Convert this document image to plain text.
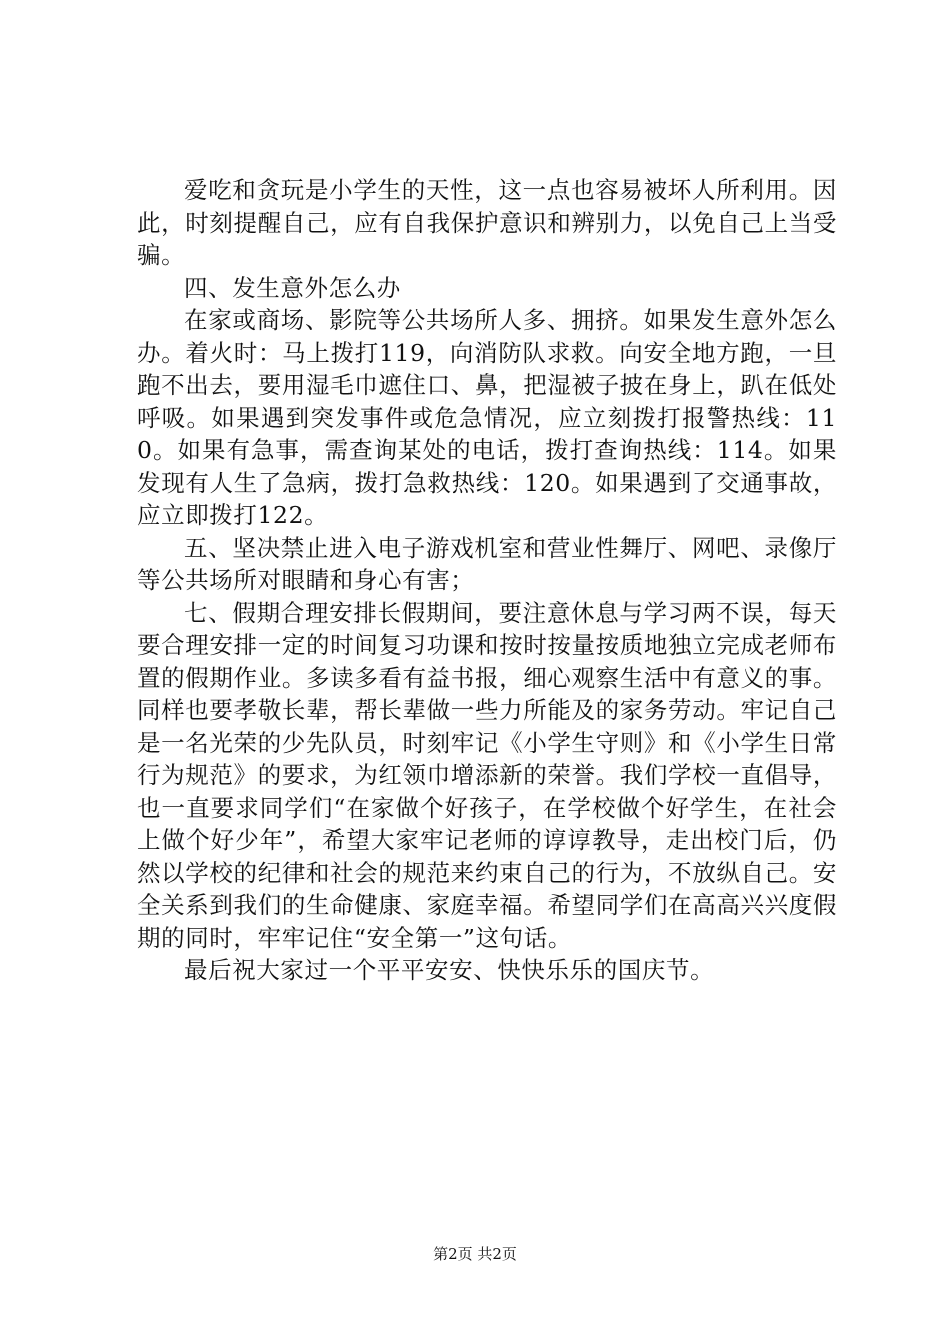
爱吃和贪玩是小学生的天性，这一点也容易被坏人所利用。因此，时刻提醒自己，应有自我保护意识和辨别力，以免自己上当受骗。

四、发生意外怎么办

在家或商场、影院等公共场所人多、拥挤。如果发生意外怎么办。着火时：马上拨打119，向消防队求救。向安全地方跑，一旦跑不出去，要用湿毛巾遮住口、鼻，把湿被子披在身上，趴在低处呼吸。如果遇到突发事件或危急情况，应立刻拨打报警热线：110。如果有急事，需查询某处的电话，拨打查询热线：114。如果发现有人生了急病，拨打急救热线：120。如果遇到了交通事故，应立即拨打122。

五、坚决禁止进入电子游戏机室和营业性舞厅、网吧、录像厅等公共场所对眼睛和身心有害；

七、假期合理安排长假期间，要注意休息与学习两不误，每天要合理安排一定的时间复习功课和按时按量按质地独立完成老师布置的假期作业。多读多看有益书报，细心观察生活中有意义的事。同样也要孝敬长辈，帮长辈做一些力所能及的家务劳动。牢记自己是一名光荣的少先队员，时刻牢记《小学生守则》和《小学生日常行为规范》的要求，为红领巾增添新的荣誉。我们学校一直倡导，也一直要求同学们“在家做个好孩子，在学校做个好学生，在社会上做个好少年”，希望大家牢记老师的谆谆教导，走出校门后，仍然以学校的纪律和社会的规范来约束自己的行为，不放纵自己。安全关系到我们的生命健康、家庭幸福。希望同学们在高高兴兴度假期的同时，牢牢记住“安全第一”这句话。

最后祝大家过一个平平安安、快快乐乐的国庆节。

第2页 共2页
